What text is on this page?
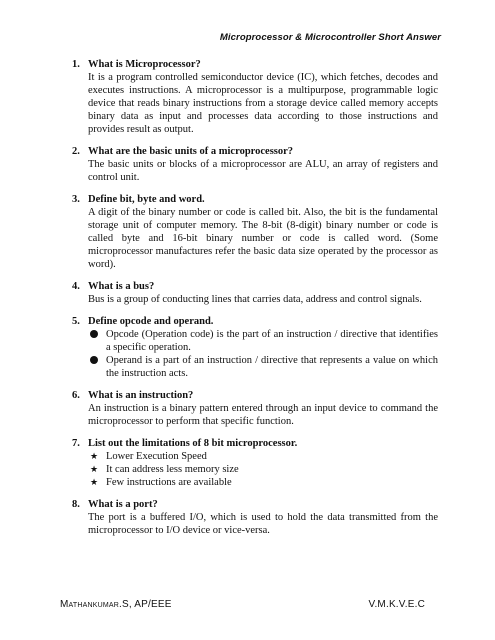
Microprocessor & Microcontroller Short Answer
1. What is Microprocessor?
It is a program controlled semiconductor device (IC), which fetches, decodes and executes instructions. A microprocessor is a multipurpose, programmable logic device that reads binary instructions from a storage device called memory accepts binary data as input and processes data according to those instructions and provides result as output.
2. What are the basic units of a microprocessor?
The basic units or blocks of a microprocessor are ALU, an array of registers and control unit.
3. Define bit, byte and word.
A digit of the binary number or code is called bit. Also, the bit is the fundamental storage unit of computer memory. The 8-bit (8-digit) binary number or code is called byte and 16-bit binary number or code is called word. (Some microprocessor manufactures refer the basic data size operated by the processor as word).
4. What is a bus?
Bus is a group of conducting lines that carries data, address and control signals.
5. Define opcode and operand.
Opcode (Operation code) is the part of an instruction / directive that identifies a specific operation.
Operand is a part of an instruction / directive that represents a value on which the instruction acts.
6. What is an instruction?
An instruction is a binary pattern entered through an input device to command the microprocessor to perform that specific function.
7. List out the limitations of 8 bit microprocessor.
★ Lower Execution Speed
★ It can address less memory size
★ Few instructions are available
8. What is a port?
The port is a buffered I/O, which is used to hold the data transmitted from the microprocessor to I/O device or vice-versa.
Mathankumar.S, AP/EEE	V.M.K.V.E.C
